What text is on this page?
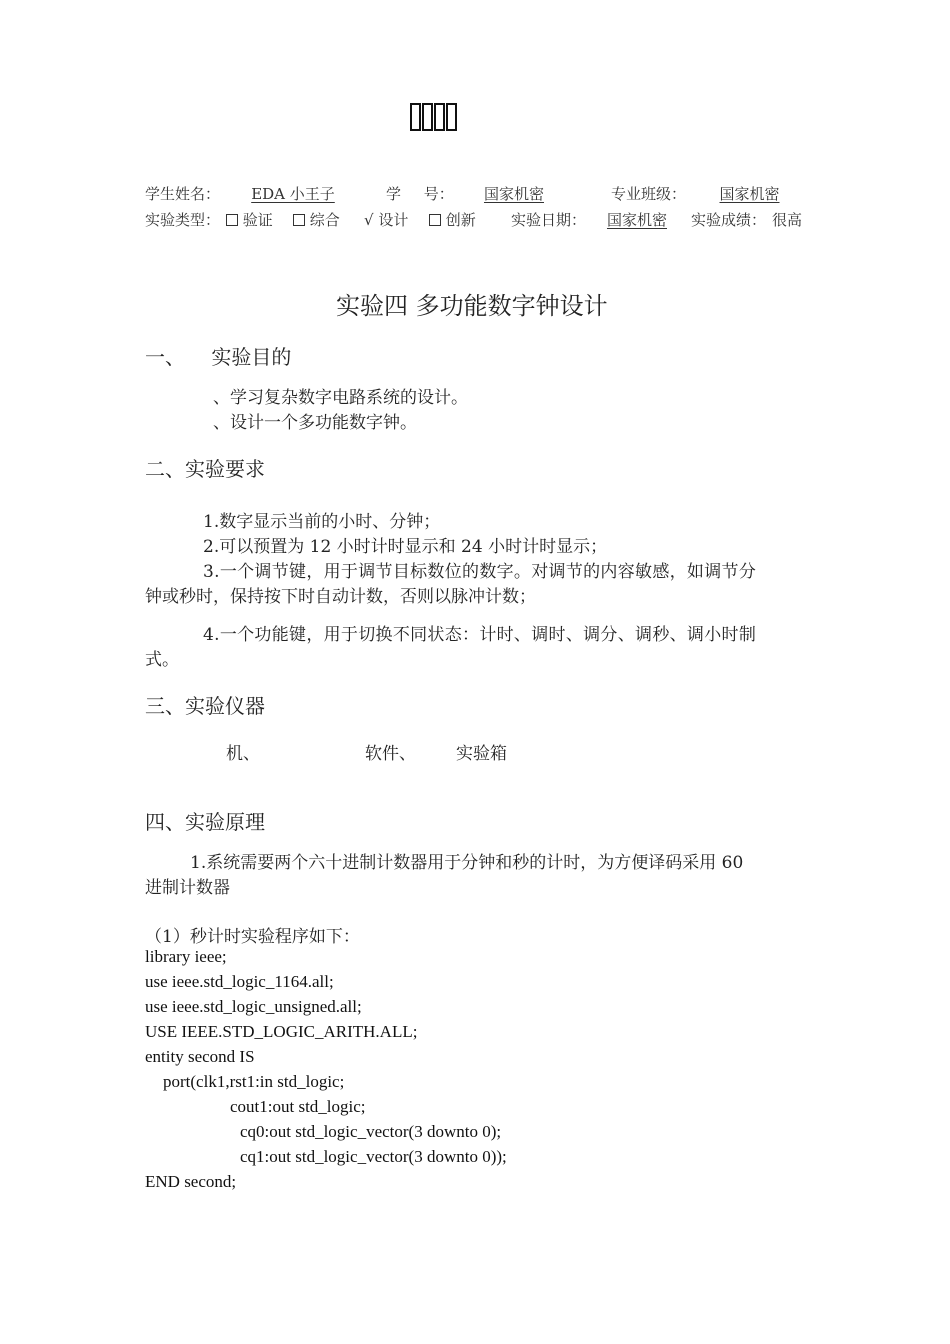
学生姓名：	EDA 小王子	学 号：	国家机密	专业班级：	国家机密
实验类型：	验证	综合 √ 设计	创新 实验日期：	国家机密	实验成绩： 很高
实验四 多功能数字钟设计
一、 实验目的
、学习复杂数字电路系统的设计。
、设计一个多功能数字钟。
二、实验要求
1.数字显示当前的小时、分钟；
2.可以预置为 12 小时计时显示和 24 小时计时显示；
3.一个调节键，用于调节目标数位的数字。对调节的内容敏感，如调节分
钟或秒时，保持按下时自动计数，否则以脉冲计数；
4.一个功能键，用于切换不同状态：计时、调时、调分、调秒、调小时制
式。
三、实验仪器
机、	软件、 实验箱
四、实验原理
1.系统需要两个六十进制计数器用于分钟和秒的计时，为方便译码采用 60
进制计数器
（1）秒计时实验程序如下：
library ieee;
use ieee.std_logic_1164.all;
use ieee.std_logic_unsigned.all;
USE IEEE.STD_LOGIC_ARITH.ALL;
entity second IS
port(clk1,rst1:in std_logic;
cout1:out std_logic;
cq0:out std_logic_vector(3 downto 0);
cq1:out std_logic_vector(3 downto 0));
END second;
